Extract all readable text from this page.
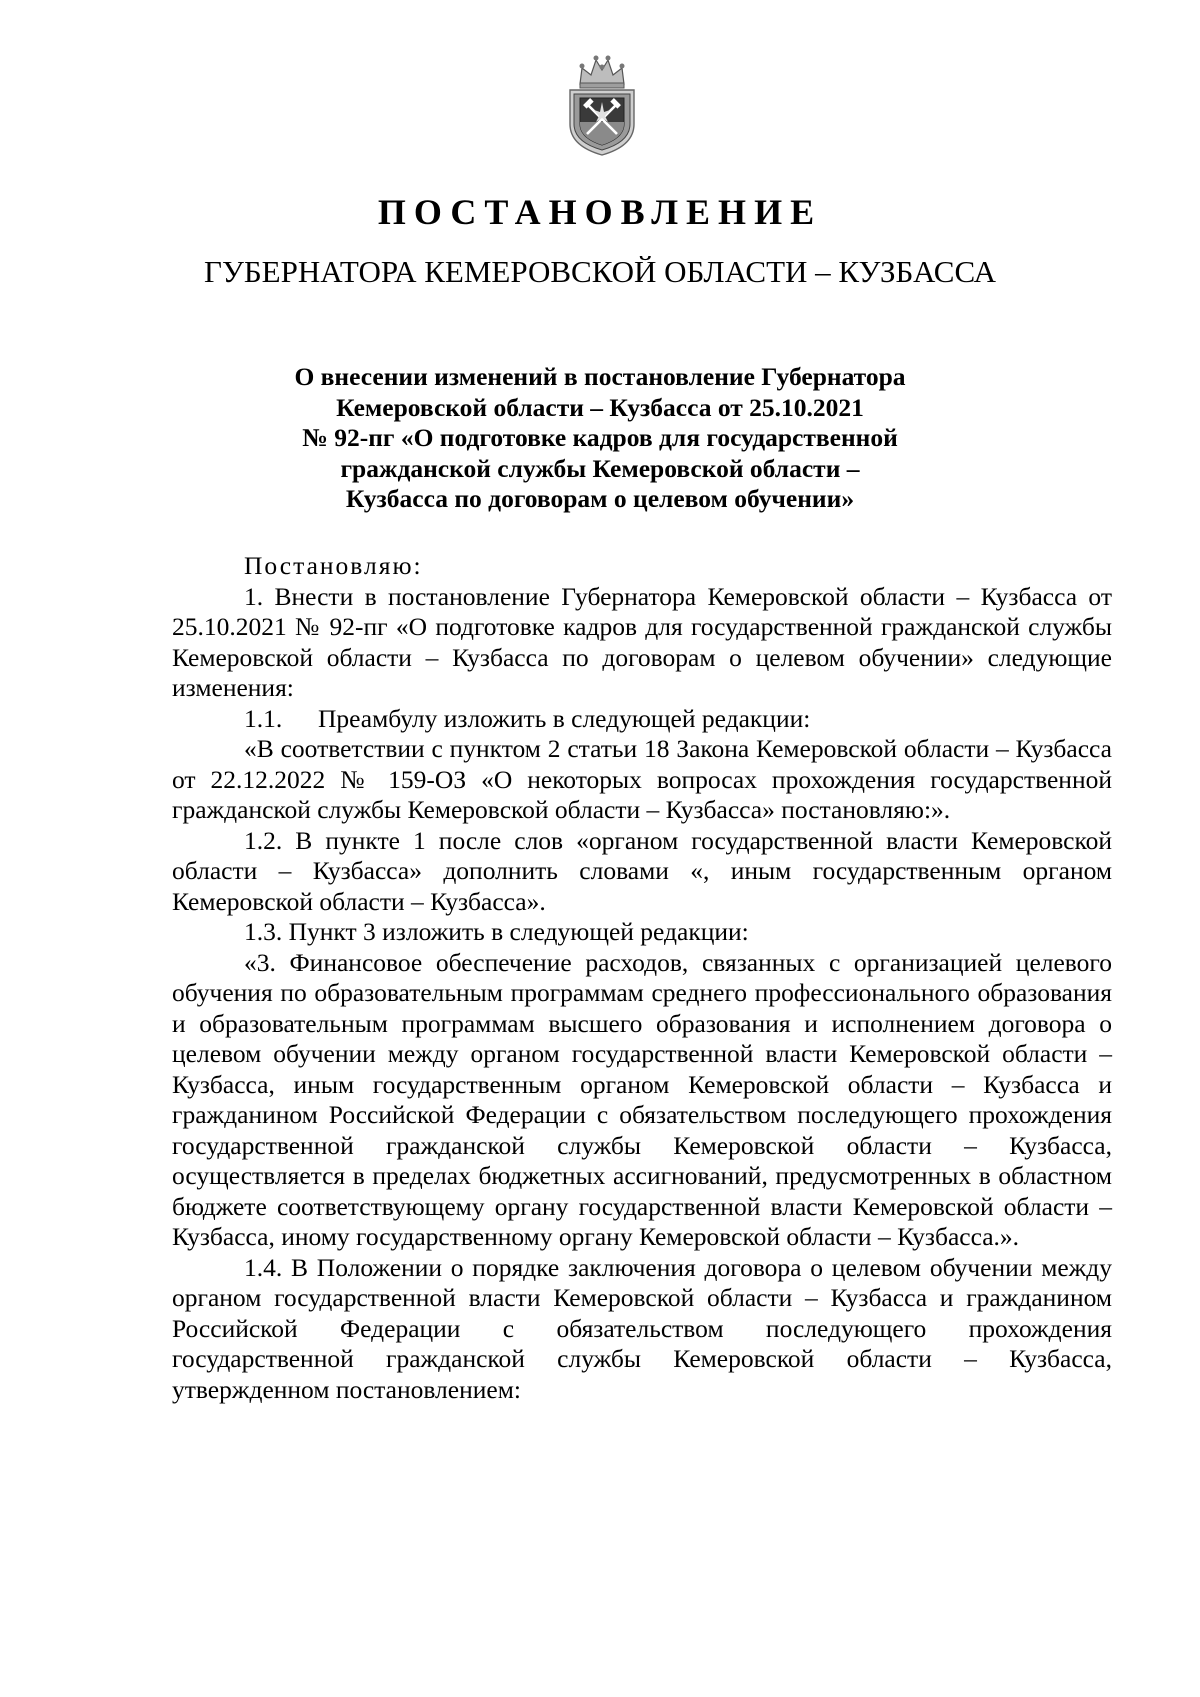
ПОСТАНОВЛЕНИЕ
ГУБЕРНАТОРА КЕМЕРОВСКОЙ ОБЛАСТИ – КУЗБАССА
О внесении изменений в постановление Губернатора
Кемеровской области – Кузбасса от 25.10.2021
№ 92-пг «О подготовке кадров для государственной
гражданской службы Кемеровской области –
Кузбасса по договорам о целевом обучении»

Постановляю:

1. Внести в постановление Губернатора Кемеровской области – Кузбасса от 25.10.2021 № 92-пг «О подготовке кадров для государственной гражданской службы Кемеровской области – Кузбасса по договорам о целевом обучении» следующие изменения:

1.1. Преамбулу изложить в следующей редакции:

«В соответствии с пунктом 2 статьи 18 Закона Кемеровской области – Кузбасса от 22.12.2022 № 159-ОЗ «О некоторых вопросах прохождения государственной гражданской службы Кемеровской области – Кузбасса» постановляю:».

1.2. В пункте 1 после слов «органом государственной власти Кемеровской области – Кузбасса» дополнить словами «, иным государственным органом Кемеровской области – Кузбасса».

1.3. Пункт 3 изложить в следующей редакции:

«3. Финансовое обеспечение расходов, связанных с организацией целевого обучения по образовательным программам среднего профессионального образования и образовательным программам высшего образования и исполнением договора о целевом обучении между органом государственной власти Кемеровской области – Кузбасса, иным государственным органом Кемеровской области – Кузбасса и гражданином Российской Федерации с обязательством последующего прохождения государственной гражданской службы Кемеровской области – Кузбасса, осуществляется в пределах бюджетных ассигнований, предусмотренных в областном бюджете соответствующему органу государственной власти Кемеровской области – Кузбасса, иному государственному органу Кемеровской области – Кузбасса.».

1.4. В Положении о порядке заключения договора о целевом обучении между органом государственной власти Кемеровской области – Кузбасса и гражданином Российской Федерации с обязательством последующего прохождения государственной гражданской службы Кемеровской области – Кузбасса, утвержденном постановлением:
